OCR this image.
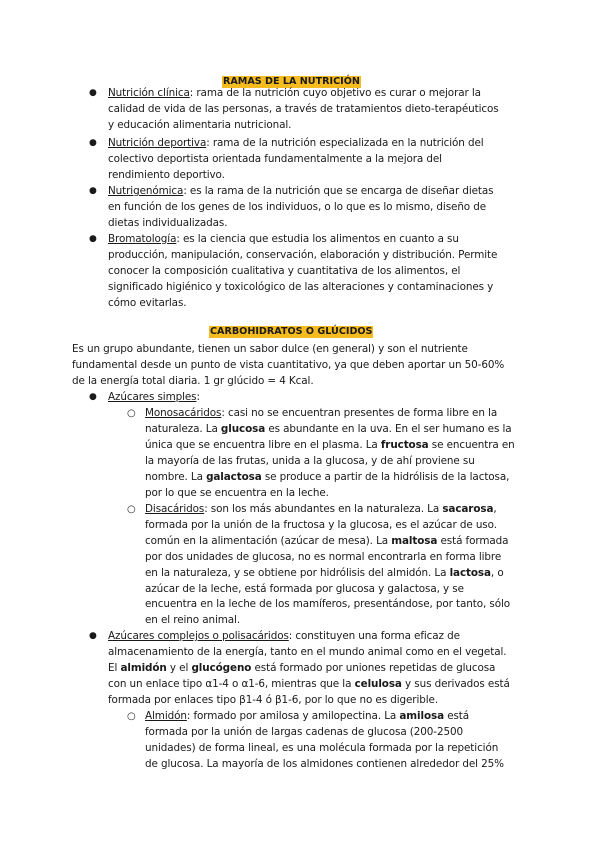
RAMAS DE LA NUTRICIÓN
● Nutrición clínica: rama de la nutrición cuyo objetivo es curar o mejorar la
calidad de vida de las personas, a través de tratamientos dieto-terapéuticos
y educación alimentaria nutricional.
● Nutrición deportiva: rama de la nutrición especializada en la nutrición del
colectivo deportista orientada fundamentalmente a la mejora del
rendimiento deportivo.
● Nutrigenómica: es la rama de la nutrición que se encarga de diseñar dietas
en función de los genes de los individuos, o lo que es lo mismo, diseño de
dietas individualizadas.
● Bromatología: es la ciencia que estudia los alimentos en cuanto a su
producción, manipulación, conservación, elaboración y distribución. Permite
conocer la composición cualitativa y cuantitativa de los alimentos, el
significado higiénico y toxicológico de las alteraciones y contaminaciones y
cómo evitarlas.
CARBOHIDRATOS O GLÚCIDOS
Es un grupo abundante, tienen un sabor dulce (en general) y son el nutriente
fundamental desde un punto de vista cuantitativo, ya que deben aportar un 50-60%
de la energía total diaria. 1 gr glúcido = 4 Kcal.
● Azúcares simples:
○ Monosacáridos: casi no se encuentran presentes de forma libre en la
naturaleza. La glucosa es abundante en la uva. En el ser humano es la
única que se encuentra libre en el plasma. La fructosa se encuentra en
la mayoría de las frutas, unida a la glucosa, y de ahí proviene su
nombre. La galactosa se produce a partir de la hidrólisis de la lactosa,
por lo que se encuentra en la leche.
○ Disacáridos: son los más abundantes en la naturaleza. La sacarosa,
formada por la unión de la fructosa y la glucosa, es el azúcar de uso.
común en la alimentación (azúcar de mesa). La maltosa está formada
por dos unidades de glucosa, no es normal encontrarla en forma libre
en la naturaleza, y se obtiene por hidrólisis del almidón. La lactosa, o
azúcar de la leche, está formada por glucosa y galactosa, y se
encuentra en la leche de los mamíferos, presentándose, por tanto, sólo
en el reino animal.
● Azúcares complejos o polisacáridos: constituyen una forma eficaz de
almacenamiento de la energía, tanto en el mundo animal como en el vegetal.
El almidón y el glucógeno está formado por uniones repetidas de glucosa
con un enlace tipo α1-4 o α1-6, mientras que la celulosa y sus derivados está
formada por enlaces tipo β1-4 ó β1-6, por lo que no es digerible.
○ Almidón: formado por amilosa y amilopectina. La amilosa está
formada por la unión de largas cadenas de glucosa (200-2500
unidades) de forma lineal, es una molécula formada por la repetición
de glucosa. La mayoría de los almidones contienen alrededor del 25%
